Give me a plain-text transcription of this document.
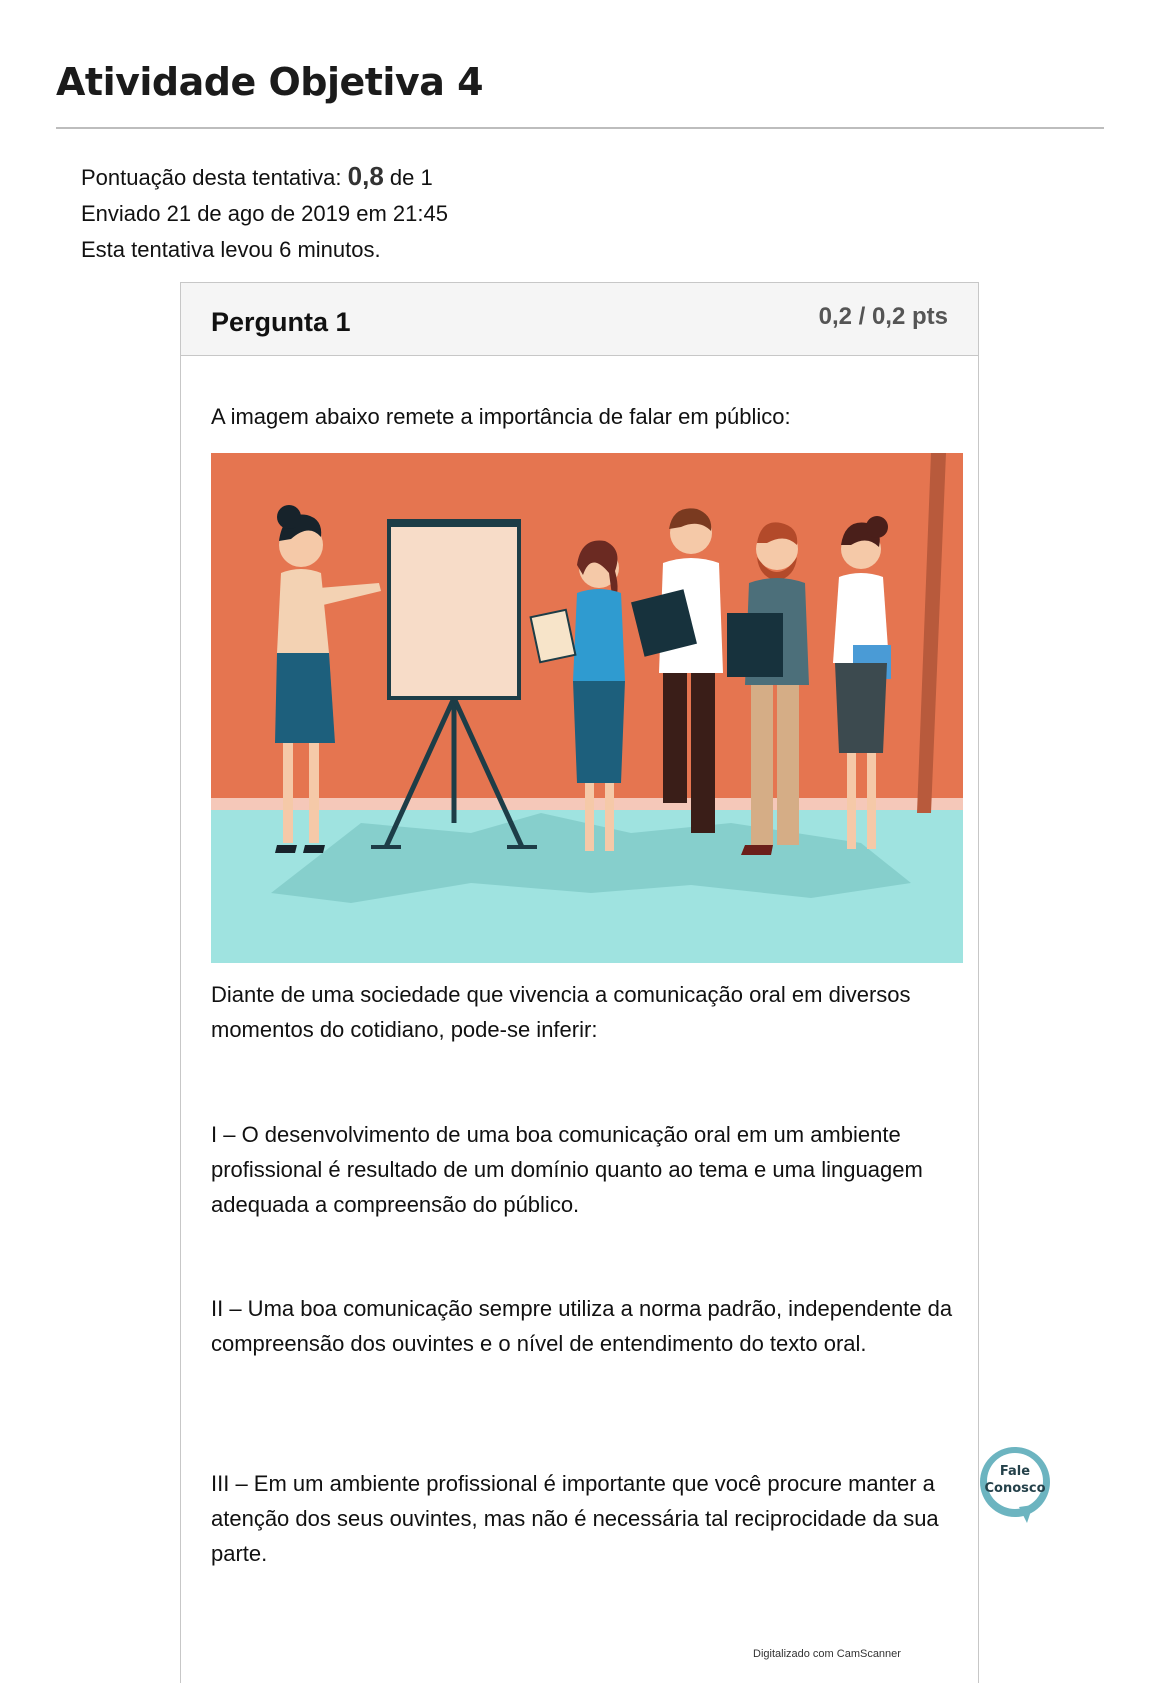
Atividade Objetiva 4
Pontuação desta tentativa: 0,8 de 1
Enviado 21 de ago de 2019 em 21:45
Esta tentativa levou 6 minutos.
Pergunta 1	0,2 / 0,2 pts

A imagem abaixo remete a importância de falar em público:

Diante de uma sociedade que vivencia a comunicação oral em diversos momentos do cotidiano, pode-se inferir:

I – O desenvolvimento de uma boa comunicação oral em um ambiente profissional é resultado de um domínio quanto ao tema e uma linguagem adequada a compreensão do público.

II – Uma boa comunicação sempre utiliza a norma padrão, independente da compreensão dos ouvintes e o nível de entendimento do texto oral.

III – Em um ambiente profissional é importante que você procure manter a atenção dos seus ouvintes, mas não é necessária tal reciprocidade da sua parte.

Fale
Conosco
Digitalizado com CamScanner
